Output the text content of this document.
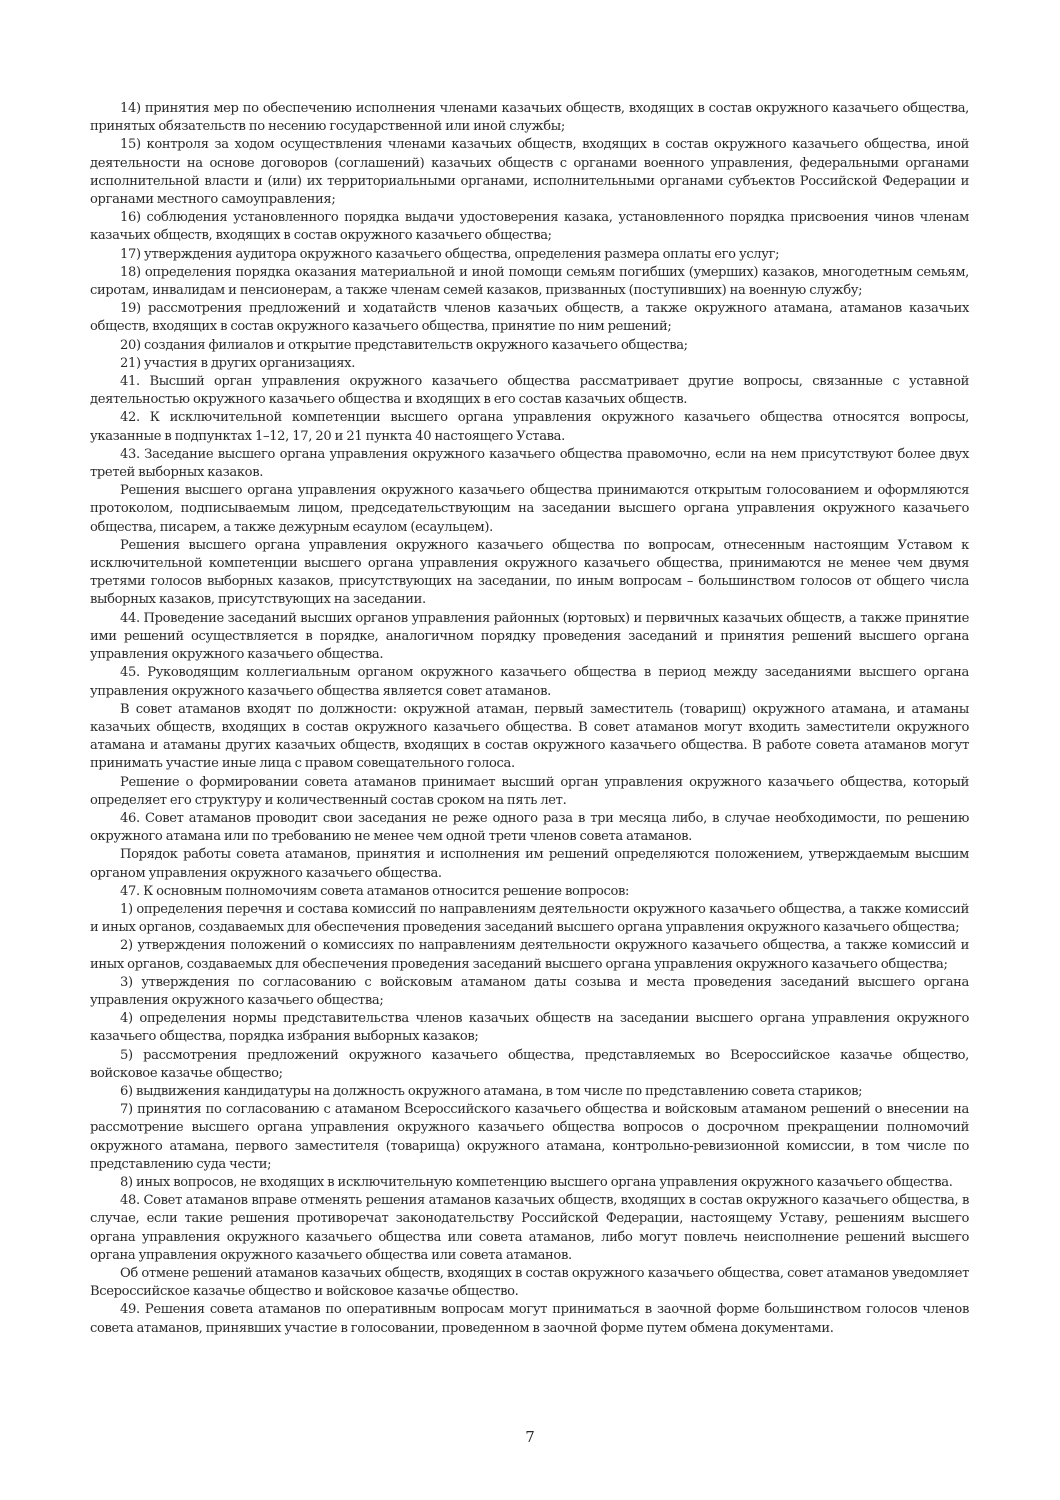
14) принятия мер по обеспечению исполнения членами казачьих обществ, входящих в состав окружного казачьего общества, принятых обязательств по несению государственной или иной службы;

15) контроля за ходом осуществления членами казачьих обществ, входящих в состав окружного казачьего общества, иной деятельности на основе договоров (соглашений) казачьих обществ с органами военного управления, федеральными органами исполнительной власти и (или) их территориальными органами, исполнительными органами субъектов Российской Федерации и органами местного самоуправления;

16) соблюдения установленного порядка выдачи удостоверения казака, установленного порядка присвоения чинов членам казачьих обществ, входящих в состав окружного казачьего общества;

17) утверждения аудитора окружного казачьего общества, определения размера оплаты его услуг;

18) определения порядка оказания материальной и иной помощи семьям погибших (умерших) казаков, многодетным семьям, сиротам, инвалидам и пенсионерам, а также членам семей казаков, призванных (поступивших) на военную службу;

19) рассмотрения предложений и ходатайств членов казачьих обществ, а также окружного атамана, атаманов казачьих обществ, входящих в состав окружного казачьего общества, принятие по ним решений;

20) создания филиалов и открытие представительств окружного казачьего общества;

21) участия в других организациях.

41. Высший орган управления окружного казачьего общества рассматривает другие вопросы, связанные с уставной деятельностью окружного казачьего общества и входящих в его состав казачьих обществ.

42. К исключительной компетенции высшего органа управления окружного казачьего общества относятся вопросы, указанные в подпунктах 1–12, 17, 20 и 21 пункта 40 настоящего Устава.

43. Заседание высшего органа управления окружного казачьего общества правомочно, если на нем присутствуют более двух третей выборных казаков.

Решения высшего органа управления окружного казачьего общества принимаются открытым голосованием и оформляются протоколом, подписываемым лицом, председательствующим на заседании высшего органа управления окружного казачьего общества, писарем, а также дежурным есаулом (есаульцем).

Решения высшего органа управления окружного казачьего общества по вопросам, отнесенным настоящим Уставом к исключительной компетенции высшего органа управления окружного казачьего общества, принимаются не менее чем двумя третями голосов выборных казаков, присутствующих на заседании, по иным вопросам – большинством голосов от общего числа выборных казаков, присутствующих на заседании.

44. Проведение заседаний высших органов управления районных (юртовых) и первичных казачьих обществ, а также принятие ими решений осуществляется в порядке, аналогичном порядку проведения заседаний и принятия решений высшего органа управления окружного казачьего общества.

45. Руководящим коллегиальным органом окружного казачьего общества в период между заседаниями высшего органа управления окружного казачьего общества является совет атаманов.

В совет атаманов входят по должности: окружной атаман, первый заместитель (товарищ) окружного атамана, и атаманы казачьих обществ, входящих в состав окружного казачьего общества. В совет атаманов могут входить заместители окружного атамана и атаманы других казачьих обществ, входящих в состав окружного казачьего общества. В работе совета атаманов могут принимать участие иные лица с правом совещательного голоса.

Решение о формировании совета атаманов принимает высший орган управления окружного казачьего общества, который определяет его структуру и количественный состав сроком на пять лет.

46. Совет атаманов проводит свои заседания не реже одного раза в три месяца либо, в случае необходимости, по решению окружного атамана или по требованию не менее чем одной трети членов совета атаманов.

Порядок работы совета атаманов, принятия и исполнения им решений определяются положением, утверждаемым высшим органом управления окружного казачьего общества.

47. К основным полномочиям совета атаманов относится решение вопросов:

1) определения перечня и состава комиссий по направлениям деятельности окружного казачьего общества, а также комиссий и иных органов, создаваемых для обеспечения проведения заседаний высшего органа управления окружного казачьего общества;

2) утверждения положений о комиссиях по направлениям деятельности окружного казачьего общества, а также комиссий и иных органов, создаваемых для обеспечения проведения заседаний высшего органа управления окружного казачьего общества;

3) утверждения по согласованию с войсковым атаманом даты созыва и места проведения заседаний высшего органа управления окружного казачьего общества;

4) определения нормы представительства членов казачьих обществ на заседании высшего органа управления окружного казачьего общества, порядка избрания выборных казаков;

5) рассмотрения предложений окружного казачьего общества, представляемых во Всероссийское казачье общество, войсковое казачье общество;

6) выдвижения кандидатуры на должность окружного атамана, в том числе по представлению совета стариков;

7) принятия по согласованию с атаманом Всероссийского казачьего общества и войсковым атаманом решений о внесении на рассмотрение высшего органа управления окружного казачьего общества вопросов о досрочном прекращении полномочий окружного атамана, первого заместителя (товарища) окружного атамана, контрольно-ревизионной комиссии, в том числе по представлению суда чести;

8) иных вопросов, не входящих в исключительную компетенцию высшего органа управления окружного казачьего общества.

48. Совет атаманов вправе отменять решения атаманов казачьих обществ, входящих в состав окружного казачьего общества, в случае, если такие решения противоречат законодательству Российской Федерации, настоящему Уставу, решениям высшего органа управления окружного казачьего общества или совета атаманов, либо могут повлечь неисполнение решений высшего органа управления окружного казачьего общества или совета атаманов.

Об отмене решений атаманов казачьих обществ, входящих в состав окружного казачьего общества, совет атаманов уведомляет Всероссийское казачье общество и войсковое казачье общество.

49. Решения совета атаманов по оперативным вопросам могут приниматься в заочной форме большинством голосов членов совета атаманов, принявших участие в голосовании, проведенном в заочной форме путем обмена документами.

7
